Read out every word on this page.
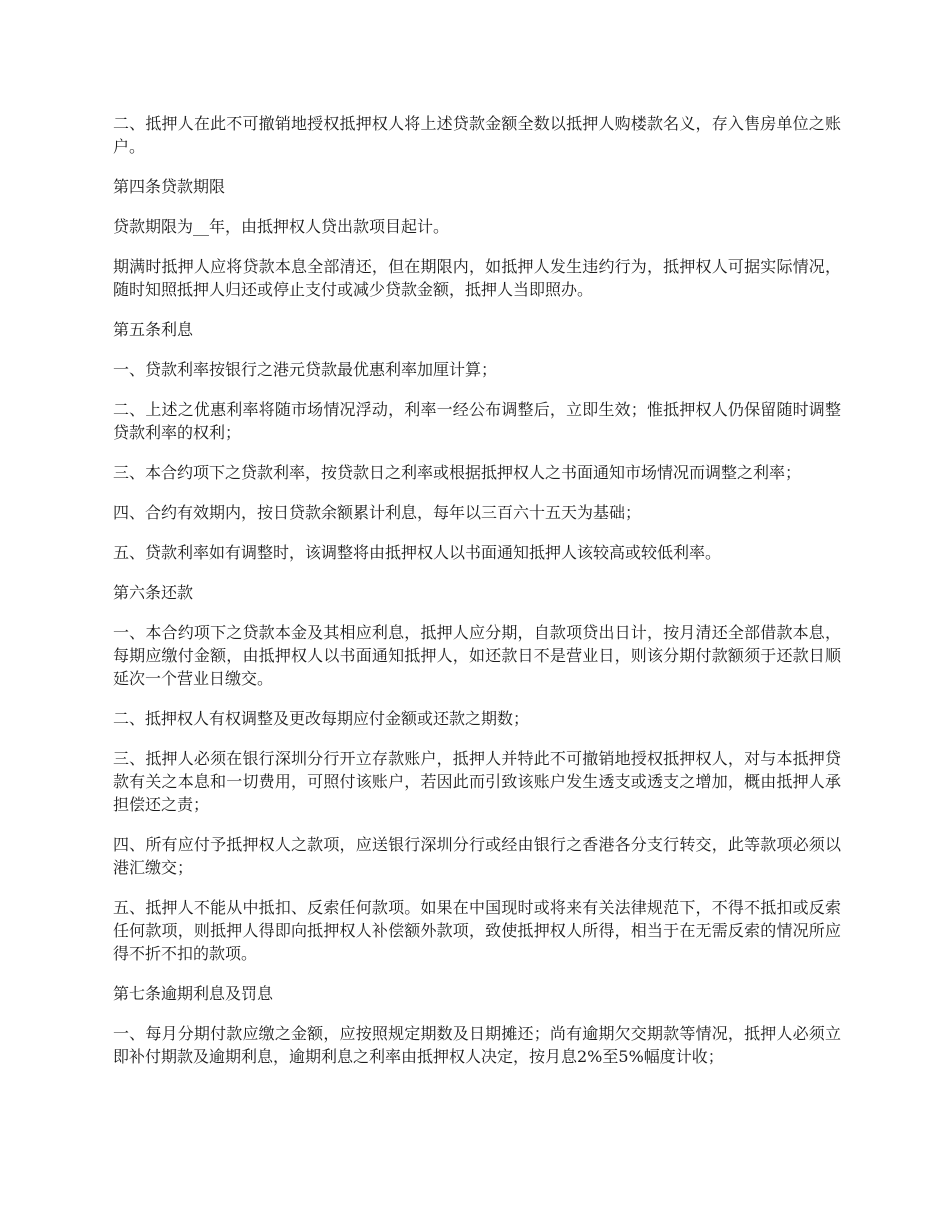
二、抵押人在此不可撤销地授权抵押权人将上述贷款金额全数以抵押人购楼款名义，存入售房单位之账户。

第四条贷款期限

贷款期限为__年，由抵押权人贷出款项目起计。

期满时抵押人应将贷款本息全部清还，但在期限内，如抵押人发生违约行为，抵押权人可据实际情况，随时知照抵押人归还或停止支付或减少贷款金额，抵押人当即照办。

第五条利息

一、贷款利率按银行之港元贷款最优惠利率加厘计算；

二、上述之优惠利率将随市场情况浮动，利率一经公布调整后，立即生效；惟抵押权人仍保留随时调整贷款利率的权利；

三、本合约项下之贷款利率，按贷款日之利率或根据抵押权人之书面通知市场情况而调整之利率；

四、合约有效期内，按日贷款余额累计利息，每年以三百六十五天为基础；

五、贷款利率如有调整时，该调整将由抵押权人以书面通知抵押人该较高或较低利率。

第六条还款

一、本合约项下之贷款本金及其相应利息，抵押人应分期，自款项贷出日计，按月清还全部借款本息，每期应缴付金额，由抵押权人以书面通知抵押人，如还款日不是营业日，则该分期付款额须于还款日顺延次一个营业日缴交。

二、抵押权人有权调整及更改每期应付金额或还款之期数；

三、抵押人必须在银行深圳分行开立存款账户，抵押人并特此不可撤销地授权抵押权人，对与本抵押贷款有关之本息和一切费用，可照付该账户，若因此而引致该账户发生透支或透支之增加，概由抵押人承担偿还之责；

四、所有应付予抵押权人之款项，应送银行深圳分行或经由银行之香港各分支行转交，此等款项必须以港汇缴交；

五、抵押人不能从中抵扣、反索任何款项。如果在中国现时或将来有关法律规范下，不得不抵扣或反索任何款项，则抵押人得即向抵押权人补偿额外款项，致使抵押权人所得，相当于在无需反索的情况所应得不折不扣的款项。

第七条逾期利息及罚息

一、每月分期付款应缴之金额，应按照规定期数及日期摊还；尚有逾期欠交期款等情况，抵押人必须立即补付期款及逾期利息，逾期利息之利率由抵押权人决定，按月息2%至5%幅度计收；
